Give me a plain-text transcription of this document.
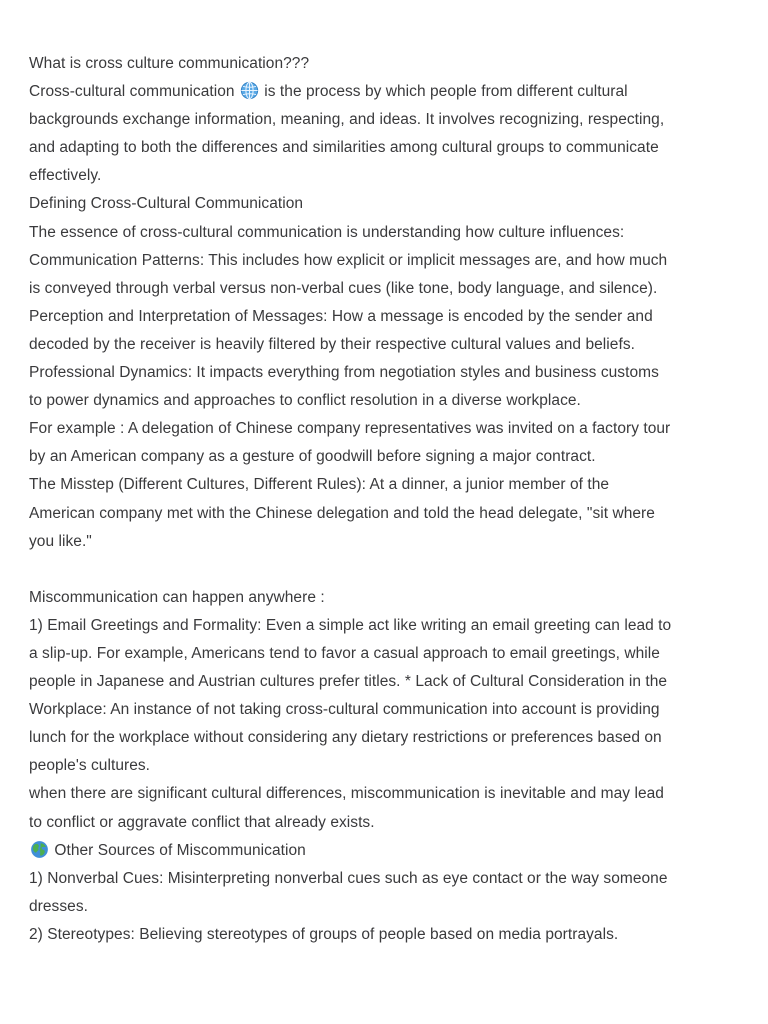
What is cross culture communication???
Cross-cultural communication
is the process by which people from different cultural
backgrounds exchange information, meaning, and ideas. It involves recognizing, respecting,
and adapting to both the differences and similarities among cultural groups to communicate
effectively.
Defining Cross-Cultural Communication
The essence of cross-cultural communication is understanding how culture influences:
Communication Patterns: This includes how explicit or implicit messages are, and how much
is conveyed through verbal versus non-verbal cues (like tone, body language, and silence).
Perception and Interpretation of Messages: How a message is encoded by the sender and
decoded by the receiver is heavily filtered by their respective cultural values and beliefs.
Professional Dynamics: It impacts everything from negotiation styles and business customs
to power dynamics and approaches to conflict resolution in a diverse workplace.
For example : A delegation of Chinese company representatives was invited on a factory tour
by an American company as a gesture of goodwill before signing a major contract.
The Misstep (Different Cultures, Different Rules): At a dinner, a junior member of the
American company met with the Chinese delegation and told the head delegate, "sit where
you like."
Miscommunication can happen anywhere :
1) Email Greetings and Formality: Even a simple act like writing an email greeting can lead to
a slip-up. For example, Americans tend to favor a casual approach to email greetings, while
people in Japanese and Austrian cultures prefer titles. * Lack of Cultural Consideration in the
Workplace: An instance of not taking cross-cultural communication into account is providing
lunch for the workplace without considering any dietary restrictions or preferences based on
people's cultures.
when there are significant cultural differences, miscommunication is inevitable and may lead
to conflict or aggravate conflict that already exists.
Other Sources of Miscommunication
1) Nonverbal Cues: Misinterpreting nonverbal cues such as eye contact or the way someone
dresses.
2) Stereotypes: Believing stereotypes of groups of people based on media portrayals.
